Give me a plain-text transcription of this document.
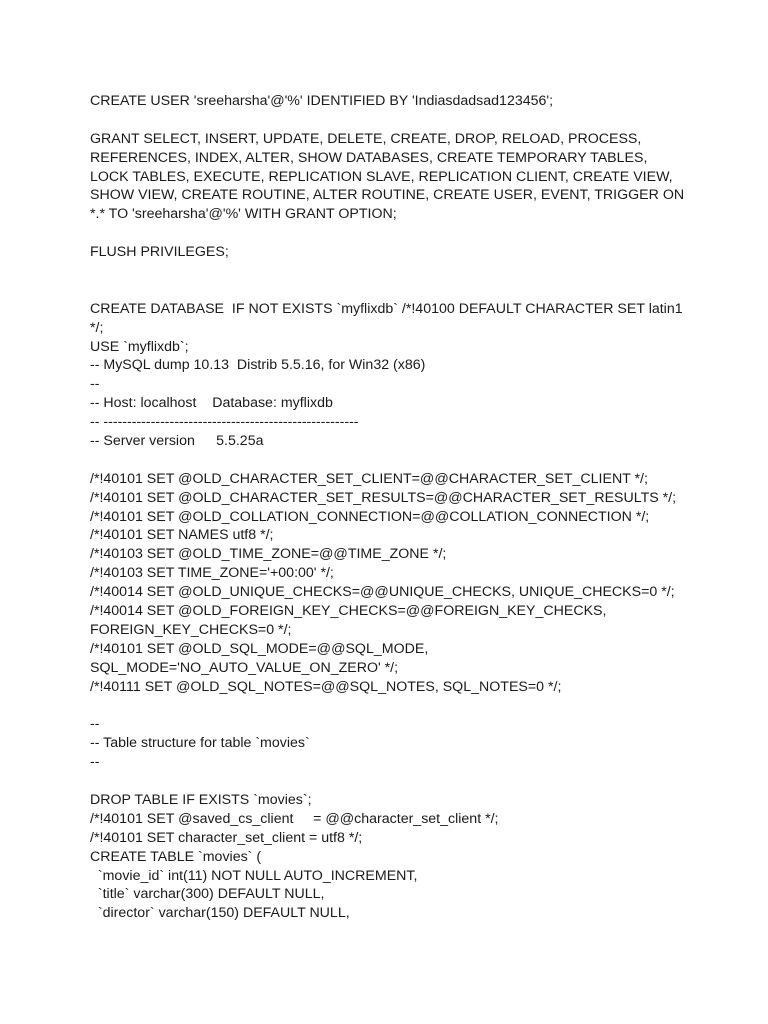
CREATE USER 'sreeharsha'@'%' IDENTIFIED BY 'Indiasdadsad123456';
GRANT SELECT, INSERT, UPDATE, DELETE, CREATE, DROP, RELOAD, PROCESS,
REFERENCES, INDEX, ALTER, SHOW DATABASES, CREATE TEMPORARY TABLES,
LOCK TABLES, EXECUTE, REPLICATION SLAVE, REPLICATION CLIENT, CREATE VIEW,
SHOW VIEW, CREATE ROUTINE, ALTER ROUTINE, CREATE USER, EVENT, TRIGGER ON
*.* TO 'sreeharsha'@'%' WITH GRANT OPTION;
FLUSH PRIVILEGES;
CREATE DATABASE  IF NOT EXISTS `myflixdb` /*!40100 DEFAULT CHARACTER SET latin1
*/;
USE `myflixdb`;
-- MySQL dump 10.13  Distrib 5.5.16, for Win32 (x86)
--
-- Host: localhost    Database: myflixdb
-- ------------------------------------------------------
-- Server version	5.5.25a
/*!40101 SET @OLD_CHARACTER_SET_CLIENT=@@CHARACTER_SET_CLIENT */;
/*!40101 SET @OLD_CHARACTER_SET_RESULTS=@@CHARACTER_SET_RESULTS */;
/*!40101 SET @OLD_COLLATION_CONNECTION=@@COLLATION_CONNECTION */;
/*!40101 SET NAMES utf8 */;
/*!40103 SET @OLD_TIME_ZONE=@@TIME_ZONE */;
/*!40103 SET TIME_ZONE='+00:00' */;
/*!40014 SET @OLD_UNIQUE_CHECKS=@@UNIQUE_CHECKS, UNIQUE_CHECKS=0 */;
/*!40014 SET @OLD_FOREIGN_KEY_CHECKS=@@FOREIGN_KEY_CHECKS,
FOREIGN_KEY_CHECKS=0 */;
/*!40101 SET @OLD_SQL_MODE=@@SQL_MODE,
SQL_MODE='NO_AUTO_VALUE_ON_ZERO' */;
/*!40111 SET @OLD_SQL_NOTES=@@SQL_NOTES, SQL_NOTES=0 */;
--
-- Table structure for table `movies`
--
DROP TABLE IF EXISTS `movies`;
/*!40101 SET @saved_cs_client     = @@character_set_client */;
/*!40101 SET character_set_client = utf8 */;
CREATE TABLE `movies` (
`movie_id` int(11) NOT NULL AUTO_INCREMENT,
`title` varchar(300) DEFAULT NULL,
`director` varchar(150) DEFAULT NULL,
